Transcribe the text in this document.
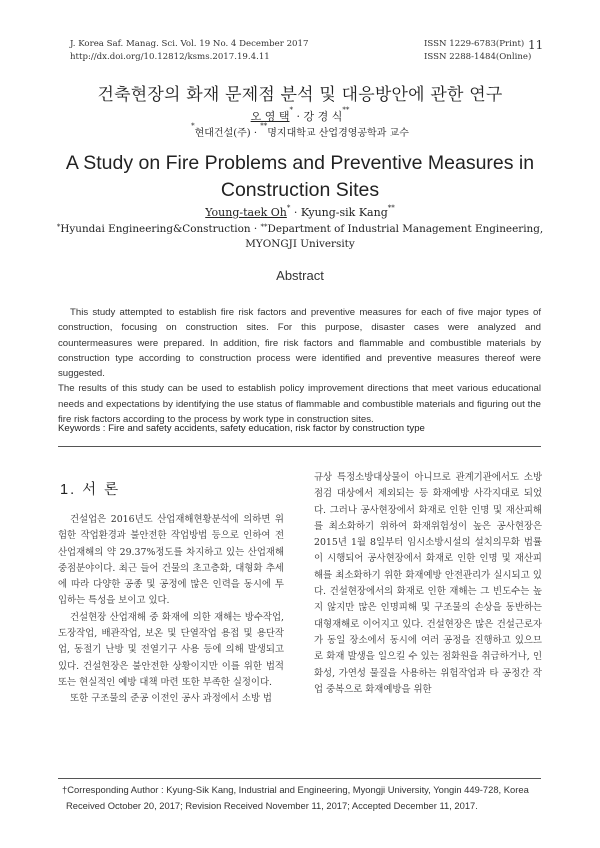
J. Korea Saf. Manag. Sci. Vol. 19 No. 4 December 2017
http://dx.doi.org/10.12812/ksms.2017.19.4.11
ISSN 1229-6783(Print)
ISSN 2288-1484(Online)
11
건축현장의 화재 문제점 분석 및 대응방안에 관한 연구
오 영 택* · 강 경 식**
*현대건설(주) · **명지대학교 산업경영공학과 교수
A Study on Fire Problems and Preventive Measures in
Construction Sites
Young-taek Oh* · Kyung-sik Kang**
*Hyundai Engineering&Construction · **Department of Industrial Management Engineering,
MYONGJI University
Abstract

This study attempted to establish fire risk factors and preventive measures for each of five major types of construction, focusing on construction sites. For this purpose, disaster cases were analyzed and countermeasures were prepared. In addition, fire risk factors and flammable and combustible materials by construction type according to construction process were identified and preventive measures thereof were suggested.

The results of this study can be used to establish policy improvement directions that meet various educational needs and expectations by identifying the use status of flammable and combustible materials and figuring out the fire risk factors according to the process by work type in construction sites.

Keywords : Fire and safety accidents, safety education, risk factor by construction type
1. 서 론

건설업은 2016년도 산업재해현황분석에 의하면 위험한 작업환경과 불안전한 작업방법 등으로 인하여 전 산업재해의 약 29.37%정도를 차지하고 있는 산업재해 중점분야이다. 최근 들어 건물의 초고층화, 대형화 추세에 따라 다양한 공종 및 공정에 많은 인력을 동시에 투입하는 특성을 보이고 있다.

건설현장 산업재해 중 화재에 의한 재해는 방수작업, 도장작업, 배관작업, 보온 및 단열작업 용접 및 용단작업, 동절기 난방 및 전열기구 사용 등에 의해 발생되고 있다. 건설현장은 불안전한 상황이지만 이를 위한 법적 또는 현실적인 예방 대책 마련 또한 부족한 실정이다.

또한 구조물의 준공 이전인 공사 과정에서 소방 법

규상 특정소방대상물이 아니므로 관계기관에서도 소방점검 대상에서 제외되는 등 화재예방 사각지대로 되었다. 그러나 공사현장에서 화재로 인한 인명 및 재산피해를 최소화하기 위하여 화재위험성이 높은 공사현장은 2015년 1월 8일부터 임시소방시설의 설치의무화 법률이 시행되어 공사현장에서 화재로 인한 인명 및 재산피해를 최소화하기 위한 화재예방 안전관리가 실시되고 있다. 건설현장에서의 화재로 인한 재해는 그 빈도수는 높지 않지만 많은 인명피해 및 구조물의 손상을 동반하는 대형재해로 이어지고 있다. 건설현장은 많은 건설근로자가 동일 장소에서 동시에 여러 공정을 진행하고 있으므로 화재 발생을 일으킬 수 있는 점화원을 취급하거나, 인화성, 가연성 물질을 사용하는 위험작업과 타 공정간 작업 중복으로 화재예방을 위한

†Corresponding Author : Kyung-Sik Kang, Industrial and Engineering, Myongji University, Yongin 449-728, Korea
Received October 20, 2017; Revision Received November 11, 2017; Accepted December 11, 2017.
